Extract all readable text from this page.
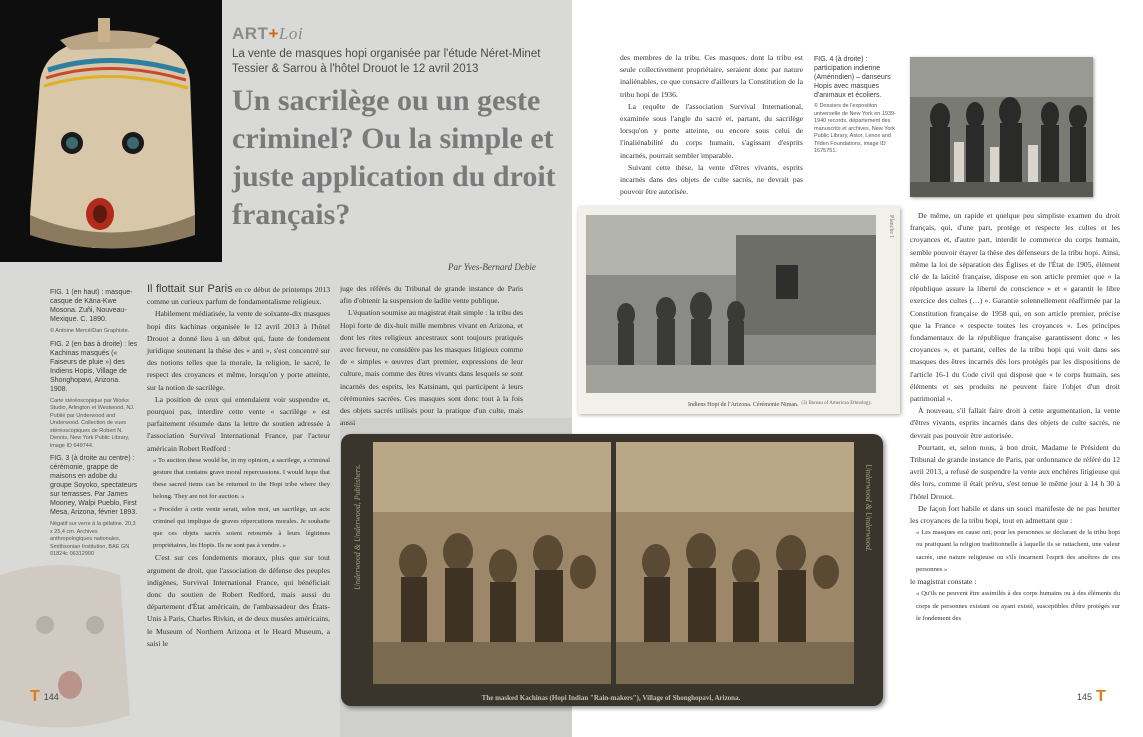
ART+Loi
La vente de masques hopi organisée par l'étude Néret-Minet Tessier & Sarrou à l'hôtel Drouot le 12 avril 2013
Un sacrilège ou un geste criminel? Ou la simple et juste application du droit français?
Par Yves-Bernard Debie

FIG. 1 (en haut) : masque-casque de Kāna-Kwe Mosona. Zuñi, Nouveau-Mexique. C. 1890.

© Antoine Mercé/Dan Graphiste.

FIG. 2 (en bas à droite) : les Kachinas masqués (« Faiseurs de pluie ») des Indiens Hopis, Village de Shonghopavi, Arizona. 1908.

Carte stéréoscopique par Works Studio, Arlington et Westwood, NJ. Publié par Underwood and Underwood. Collection de vues stéréoscopiques de Robert N. Dennis, New York Public Library, image ID 649744.

FIG. 3 (à droite au centre) : cérémonie, grappe de maisons en adobe du groupe Soyoko, spectateurs sur terrasses. Par James Mooney, Walpi Pueblo, First Mesa, Arizona, février 1893.

Négatif sur verre à la gélatine. 20,3 x 25,4 cm. Archives anthropologiques nationales, Smithsonian Institution, BAE GN 01824c 06312900

Il flottait sur Paris en ce début de printemps 2013 comme un curieux parfum de fondamentalisme religieux.

Habilement médiatisée, la vente de soixante-dix masques hopi dits kachinas organisée le 12 avril 2013 à l'hôtel Drouot a donné lieu à un début qui, faute de fondement juridique soutenant la thèse des « anti », s'est concentré sur des notions telles que la morale, la religion, le sacré, le respect des croyances et même, lorsqu'on y porte atteinte, sur la notion de sacrilège.

La position de ceux qui entendaient voir suspendre et, pourquoi pas, interdire cette vente « sacrilège » est parfaitement résumée dans la lettre de soutien adressée à l'association Survival International France, par l'acteur américain Robert Redford :

« To auction these would be, in my opinion, a sacrilege, a criminal gesture that contains grave moral repercussions. I would hope that these sacred items can be returned to the Hopi tribe where they belong. They are not for auction. »

« Procéder à cette vente serait, selon moi, un sacrilège, un acte criminel qui implique de graves répercutions morales. Je souhaite que ces objets sacrés soient retournés à leurs légitimes propriétaires, les Hopis. Ils ne sont pas à vendre. »

C'est sur ces fondements moraux, plus que sur tout argument de droit, que l'association de défense des peuples indigènes, Survival International France, qui bénéficiait donc du soutien de Robert Redford, mais aussi du département d'État américain, de l'ambassadeur des États-Unis à Paris, Charles Rivkin, et de deux musées américains, le Museum of Northern Arizona et le Heard Museum, a saisi le

juge des référés du Tribunal de grande instance de Paris afin d'obtenir la suspension de ladite vente publique.

L'équation soumise au magistrat était simple : la tribu des Hopi forte de dix-huit mille membres vivant en Arizona, et dont les rites religieux ancestraux sont toujours pratiqués avec ferveur, ne considère pas les masques litigieux comme de « simples » œuvres d'art premier, expressions de leur culture, mais comme des êtres vivants dans lesquels se sont incarnés des esprits, les Katsinam, qui participent à leurs cérémonies sacrées. Ces masques sont donc tout à la fois des objets sacrés utilisés pour la pratique d'un culte, mais aussi

des membres de la tribu. Ces masques, dont la tribu est seule collectivement propriétaire, seraient donc par nature inaliénables, ce que consacre d'ailleurs la Constitution de la tribu hopi de 1936.

La requête de l'association Survival International, examinée sous l'angle du sacré et, partant, du sacrilège lorsqu'on y porte atteinte, ou encore sous celui de l'inaliénabilité du corps humain, s'agissant d'esprits incarnés, pourrait sembler imparable.

Suivant cette thèse, la vente d'êtres vivants, esprits incarnés dans des objets de culte sacrés, ne devrait pas pouvoir être autorisée.

FIG. 4 (à droite) : participation indienne (Amérindien) – danseurs Hopis avec masques d'animaux et écoliers.

© Dossiers de l'exposition universelle de New York en 1939-1940 records, département des manuscrits et archives, New York Public Library, Astor, Lenox and Tilden Foundations, image ID 1675751.

Planche I
Indiens Hopi de l'Arizona. Cérémonie Niman. (3) Bureau of American Ethnology.

De même, un rapide et quelque peu simpliste examen du droit français, qui, d'une part, protège et respecte les cultes et les croyances et, d'autre part, interdit le commerce du corps humain, semble pouvoir étayer la thèse des défenseurs de la tribu hopi. Ainsi, même la loi de séparation des Églises et de l'État de 1905, élément clé de la laïcité française, dispose en son article premier que « la république assure la liberté de conscience » et « garantit le libre exercice des cultes (…) ». Garantie solennellement réaffirmée par la Constitution française de 1958 qui, en son article premier, précise que la France « respecte toutes les croyances ». Les principes fondamentaux de la république française garantissent donc « les croyances », et partant, celles de la tribu hopi qui voit dans ses masques des êtres incarnés dès lors protégés par les dispositions de l'article 16-1 du Code civil qui dispose que « le corps humain, ses éléments et ses produits ne peuvent faire l'objet d'un droit patrimonial ».

À nouveau, s'il fallait faire droit à cette argumentation, la vente d'êtres vivants, esprits incarnés dans des objets de culte sacrés, ne devrait pas pouvoir être autorisée.

Pourtant, et, selon nous, à bon droit, Madame le Président du Tribunal de grande instance de Paris, par ordonnance de référé du 12 avril 2013, a refusé de suspendre la vente aux enchères litigieuse qui dès lors, comme il était prévu, s'est tenue le même jour à 14 h 30 à l'hôtel Drouot.

De façon fort habile et dans un souci manifeste de ne pas heurter les croyances de la tribu hopi, tout en admettant que :

« Les masques en cause ont, pour les personnes se déclarant de la tribu hopi ou pratiquant la religion traditionnelle à laquelle ils se rattachent, une valeur sacrée, une nature religieuse ou s'ils incarnent l'esprit des ancêtres de ces personnes »

le magistrat constate :

« Qu'ils ne peuvent être assimilés à des corps humains ou à des éléments du corps de personnes existant ou ayant existé, susceptibles d'être protégés sur le fondement des

Underwood & Underwood, Publishers.	Underwood & Underwood.
The masked Kachinas (Hopi Indian "Rain-makers"), Village of Shonghopavi, Arizona.
T 144	145 T
